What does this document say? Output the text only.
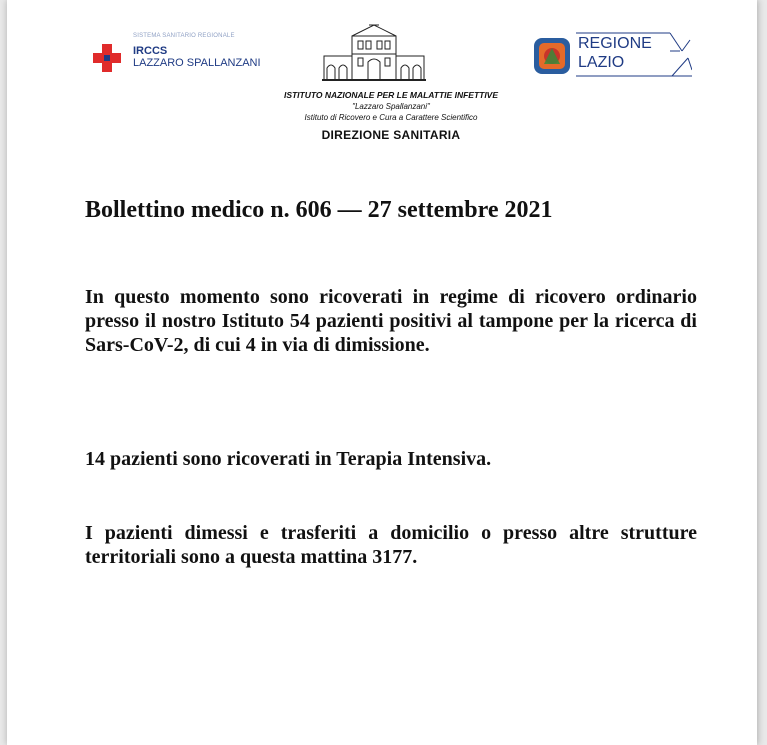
SISTEMA SANITARIO REGIONALE
IRCCS
LAZZARO SPALLANZANI
ISTITUTO NAZIONALE PER LE MALATTIE INFETTIVE
"Lazzaro Spallanzani"
Istituto di Ricovero e Cura a Carattere Scientifico
DIREZIONE SANITARIA
REGIONE
LAZIO
Bollettino medico n. 606 — 27 settembre 2021

In questo momento sono ricoverati in regime di ricovero ordinario presso il nostro Istituto 54 pazienti positivi al tampone per la ricerca di Sars-CoV-2, di cui 4 in via di dimissione.

14 pazienti sono ricoverati in Terapia Intensiva.

I pazienti dimessi e trasferiti a domicilio o presso altre strutture territoriali sono a questa mattina 3177.
